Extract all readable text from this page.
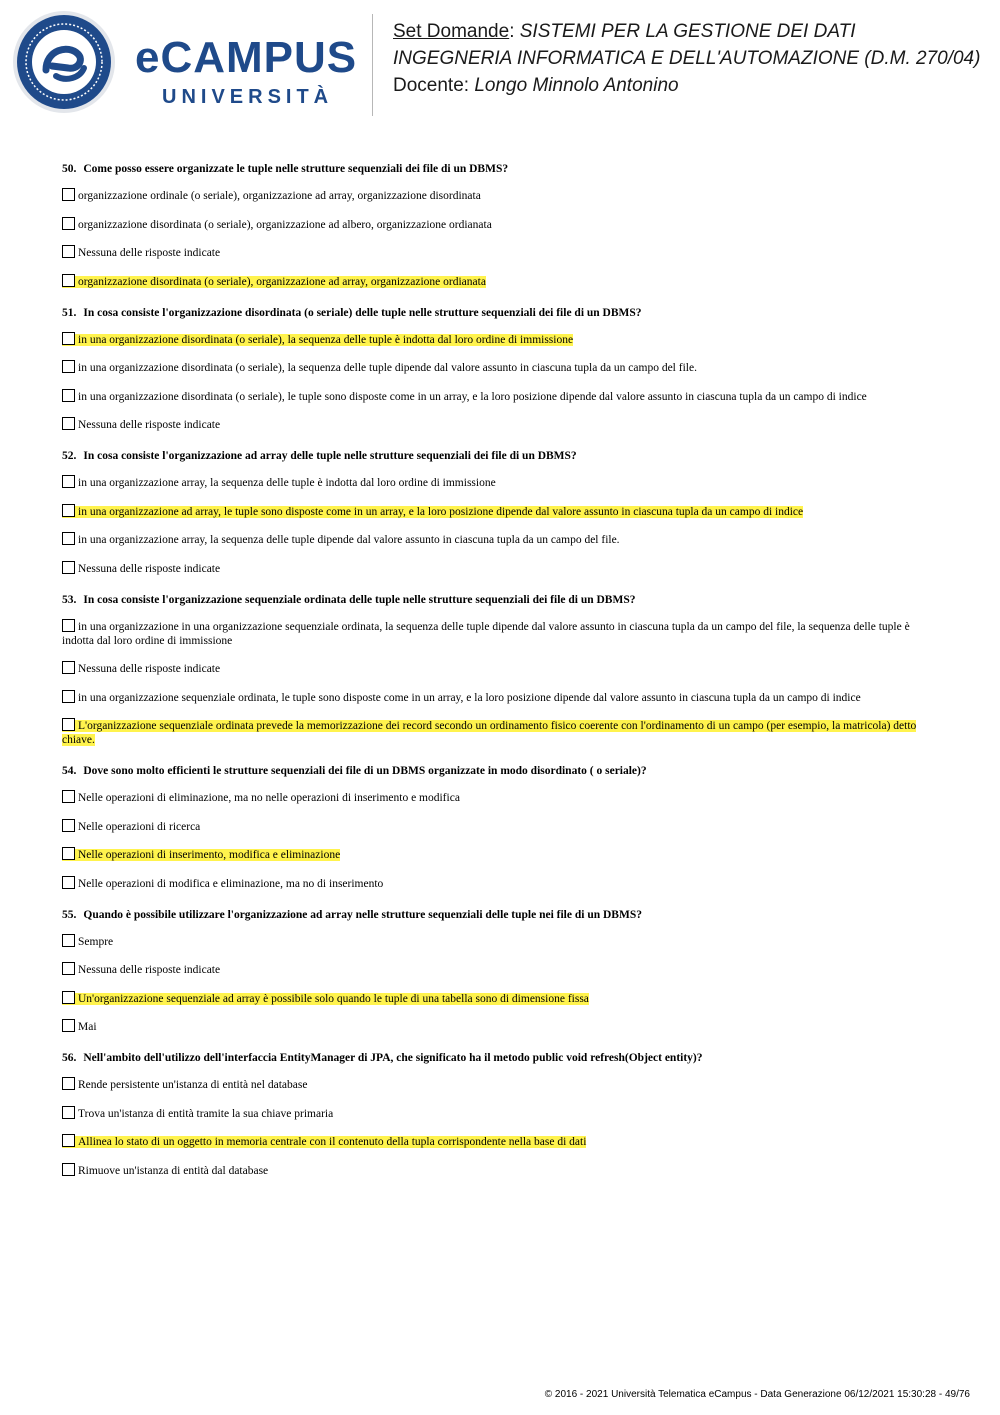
eCAMPUS
UNIVERSITÀ
Set Domande: SISTEMI PER LA GESTIONE DEI DATI
INGEGNERIA INFORMATICA E DELL'AUTOMAZIONE (D.M. 270/04)
Docente: Longo Minnolo Antonino
50. Come posso essere organizzate le tuple nelle strutture sequenziali dei file di un DBMS?
organizzazione ordinale (o seriale), organizzazione ad array, organizzazione disordinata
organizzazione disordinata (o seriale), organizzazione ad albero, organizzazione ordianata
Nessuna delle risposte indicate
organizzazione disordinata (o seriale), organizzazione ad array, organizzazione ordianata
51. In cosa consiste l'organizzazione disordinata (o seriale) delle tuple nelle strutture sequenziali dei file di un DBMS?
in una organizzazione disordinata (o seriale), la sequenza delle tuple è indotta dal loro ordine di immissione
in una organizzazione disordinata (o seriale), la sequenza delle tuple dipende dal valore assunto in ciascuna tupla da un campo del file.
in una organizzazione disordinata (o seriale), le tuple sono disposte come in un array, e la loro posizione dipende dal valore assunto in ciascuna tupla da un campo di indice
Nessuna delle risposte indicate
52. In cosa consiste l'organizzazione ad array delle tuple nelle strutture sequenziali dei file di un DBMS?
in una organizzazione array, la sequenza delle tuple è indotta dal loro ordine di immissione
in una organizzazione ad array, le tuple sono disposte come in un array, e la loro posizione dipende dal valore assunto in ciascuna tupla da un campo di indice
in una organizzazione array, la sequenza delle tuple dipende dal valore assunto in ciascuna tupla da un campo del file.
Nessuna delle risposte indicate
53. In cosa consiste l'organizzazione sequenziale ordinata delle tuple nelle strutture sequenziali dei file di un DBMS?
in una organizzazione in una organizzazione sequenziale ordinata, la sequenza delle tuple dipende dal valore assunto in ciascuna tupla da un campo del file, la sequenza delle tuple è indotta dal loro ordine di immissione
Nessuna delle risposte indicate
in una organizzazione sequenziale ordinata, le tuple sono disposte come in un array, e la loro posizione dipende dal valore assunto in ciascuna tupla da un campo di indice
L'organizzazione sequenziale ordinata prevede la memorizzazione dei record secondo un ordinamento fisico coerente con l'ordinamento di un campo (per esempio, la matricola) detto chiave.
54. Dove sono molto efficienti le strutture sequenziali dei file di un DBMS organizzate in modo disordinato ( o seriale)?
Nelle operazioni di eliminazione, ma no nelle operazioni di inserimento e modifica
Nelle operazioni di ricerca
Nelle operazioni di inserimento, modifica e eliminazione
Nelle operazioni di modifica e eliminazione, ma no di inserimento
55. Quando è possibile utilizzare l'organizzazione ad array nelle strutture sequenziali delle tuple nei file di un DBMS?
Sempre
Nessuna delle risposte indicate
Un'organizzazione sequenziale ad array è possibile solo quando le tuple di una tabella sono di dimensione fissa
Mai
56. Nell'ambito dell'utilizzo dell'interfaccia EntityManager di JPA, che significato ha il metodo public void refresh(Object entity)?
Rende persistente un'istanza di entità nel database
Trova un'istanza di entità tramite la sua chiave primaria
Allinea lo stato di un oggetto in memoria centrale con il contenuto della tupla corrispondente nella base di dati
Rimuove un'istanza di entità dal database
© 2016 - 2021 Università Telematica eCampus - Data Generazione 06/12/2021 15:30:28 - 49/76
